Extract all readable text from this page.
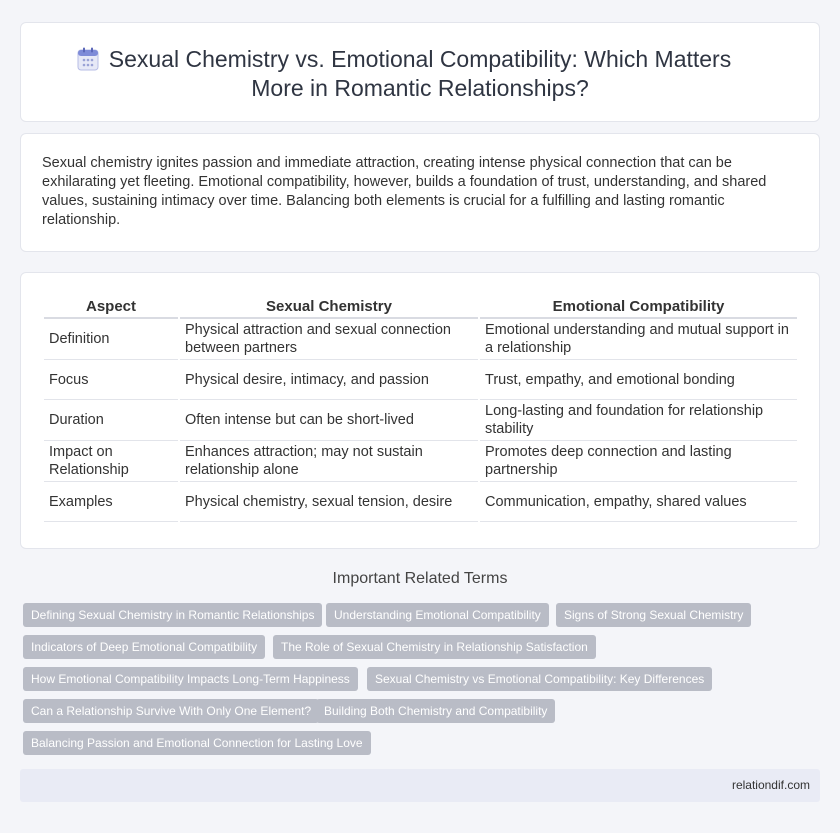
Sexual Chemistry vs. Emotional Compatibility: Which Matters
More in Romantic Relationships?

Sexual chemistry ignites passion and immediate attraction, creating intense physical connection that can be exhilarating yet fleeting. Emotional compatibility, however, builds a foundation of trust, understanding, and shared values, sustaining intimacy over time. Balancing both elements is crucial for a fulfilling and lasting romantic relationship.

Aspect	Sexual Chemistry	Emotional Compatibility
Definition	Physical attraction and sexual connection between partners	Emotional understanding and mutual support in a relationship
Focus	Physical desire, intimacy, and passion	Trust, empathy, and emotional bonding
Duration	Often intense but can be short-lived	Long-lasting and foundation for relationship stability
Impact on Relationship	Enhances attraction; may not sustain relationship alone	Promotes deep connection and lasting partnership
Examples	Physical chemistry, sexual tension, desire	Communication, empathy, shared values
Important Related Terms
Defining Sexual Chemistry in Romantic Relationships	Understanding Emotional Compatibility	Signs of Strong Sexual Chemistry
Indicators of Deep Emotional Compatibility	The Role of Sexual Chemistry in Relationship Satisfaction
How Emotional Compatibility Impacts Long-Term Happiness	Sexual Chemistry vs Emotional Compatibility: Key Differences
Can a Relationship Survive With Only One Element?	Building Both Chemistry and Compatibility
Balancing Passion and Emotional Connection for Lasting Love
relationdif.com
